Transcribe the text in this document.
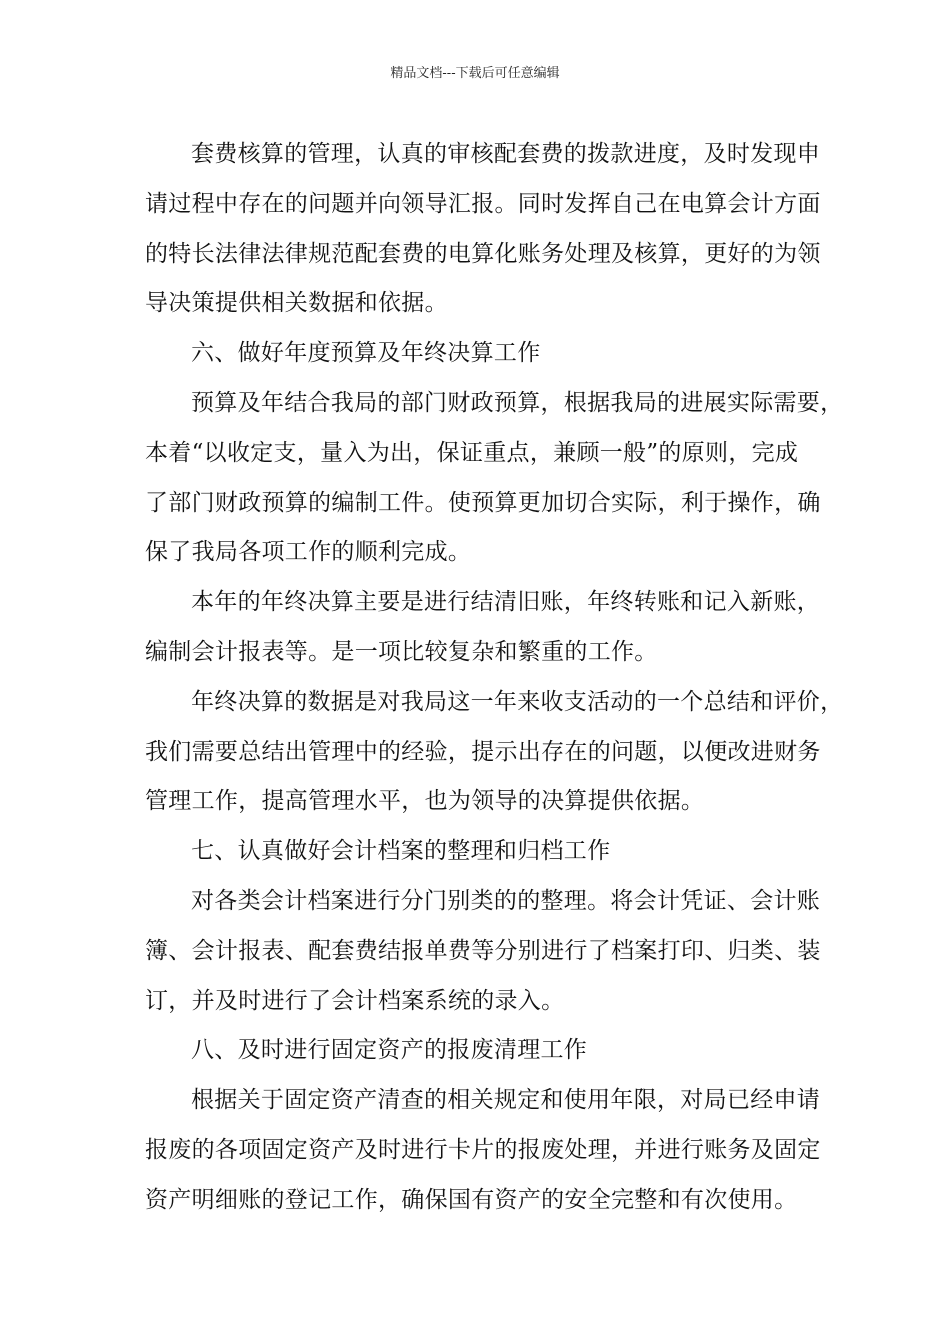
精品文档---下载后可任意编辑
套费核算的管理，认真的审核配套费的拨款进度，及时发现申
请过程中存在的问题并向领导汇报。同时发挥自己在电算会计方面
的特长法律法律规范配套费的电算化账务处理及核算，更好的为领
导决策提供相关数据和依据。
六、做好年度预算及年终决算工作
预算及年结合我局的部门财政预算，根据我局的进展实际需要，
本着“以收定支，量入为出，保证重点，兼顾一般”的原则，完成
了部门财政预算的编制工件。使预算更加切合实际，利于操作，确
保了我局各项工作的顺利完成。
本年的年终决算主要是进行结清旧账，年终转账和记入新账，
编制会计报表等。是一项比较复杂和繁重的工作。
年终决算的数据是对我局这一年来收支活动的一个总结和评价，
我们需要总结出管理中的经验，提示出存在的问题，以便改进财务
管理工作，提高管理水平，也为领导的决算提供依据。
七、认真做好会计档案的整理和归档工作
对各类会计档案进行分门别类的的整理。将会计凭证、会计账
簿、会计报表、配套费结报单费等分别进行了档案打印、归类、装
订，并及时进行了会计档案系统的录入。
八、及时进行固定资产的报废清理工作
根据关于固定资产清查的相关规定和使用年限，对局已经申请
报废的各项固定资产及时进行卡片的报废处理，并进行账务及固定
资产明细账的登记工作，确保国有资产的安全完整和有次使用。
